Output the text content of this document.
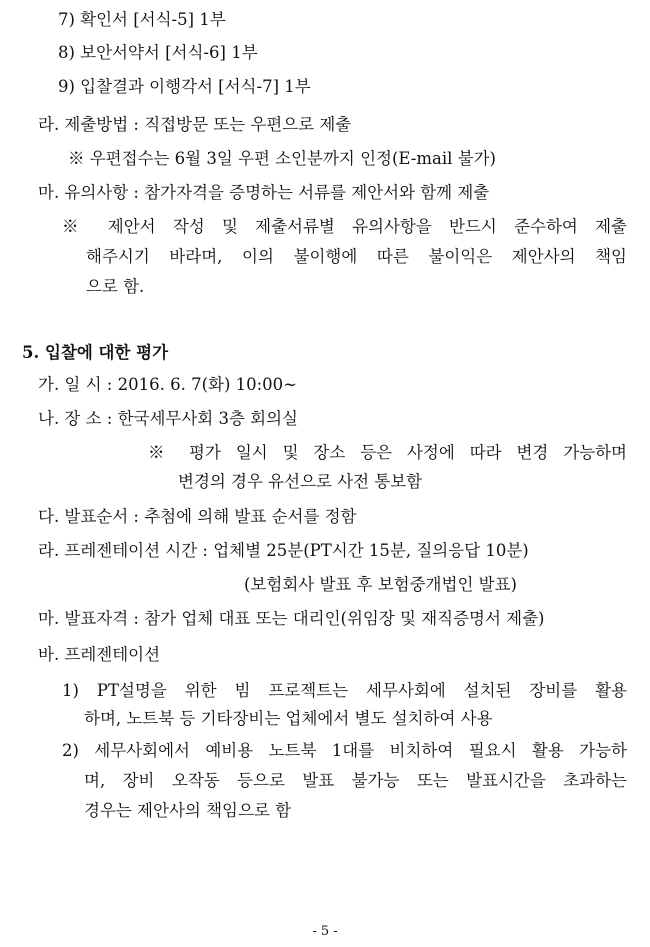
7) 확인서 [서식-5] 1부
8) 보안서약서 [서식-6] 1부
9) 입찰결과 이행각서 [서식-7] 1부
라. 제출방법 : 직접방문 또는 우편으로 제출
※ 우편접수는 6월 3일 우편 소인분까지 인정(E-mail 불가)
마. 유의사항 : 참가자격을 증명하는 서류를 제안서와 함께 제출
※ 제안서 작성 및 제출서류별 유의사항을 반드시 준수하여 제출
해주시기 바라며, 이의 불이행에 따른 불이익은 제안사의 책임
으로 함.
5. 입찰에 대한 평가
가. 일 시 : 2016. 6. 7(화) 10:00∼
나. 장 소 : 한국세무사회 3층 회의실
※ 평가 일시 및 장소 등은 사정에 따라 변경 가능하며
변경의 경우 유선으로 사전 통보함
다. 발표순서 : 추첨에 의해 발표 순서를 정함
라. 프레젠테이션 시간 : 업체별 25분(PT시간 15분, 질의응답 10분)
(보험회사 발표 후 보험중개법인 발표)
마. 발표자격 : 참가 업체 대표 또는 대리인(위임장 및 재직증명서 제출)
바. 프레젠테이션
1) PT설명을 위한 빔 프로젝트는 세무사회에 설치된 장비를 활용
하며, 노트북 등 기타장비는 업체에서 별도 설치하여 사용
2) 세무사회에서 예비용 노트북 1대를 비치하여 필요시 활용 가능하
며, 장비 오작동 등으로 발표 불가능 또는 발표시간을 초과하는
경우는 제안사의 책임으로 함
- 5 -
